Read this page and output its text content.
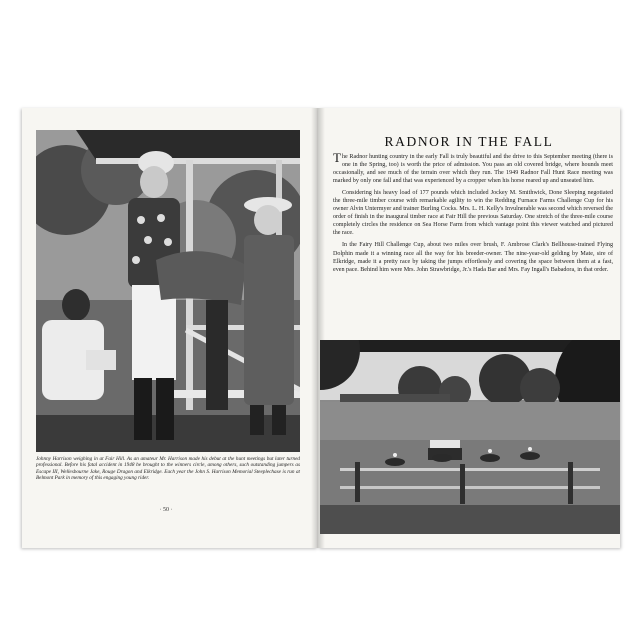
Johnny Harrison weighing in at Fair Hill. As an amateur Mr. Harrison made his debut at the hunt meetings but later turned professional. Before his fatal accident in 1948 he brought to the winners circle, among others, such outstanding jumpers as Escape III, Wellesbourne Jake, Rouge Dragon and Elkridge. Each year the John S. Harrison Memorial Steeplechase is run at Belmont Park in memory of this engaging young rider.

· 50 ·
RADNOR IN THE FALL

The Radnor hunting country in the early Fall is truly beautiful and the drive to this September meeting (there is one in the Spring, too) is worth the price of admission. You pass an old covered bridge, where hounds meet occasionally, and see much of the terrain over which they run. The 1949 Radnor Fall Hunt Race meeting was marked by only one fall and that was experienced by a cropper when his horse reared up and unseated him.

Considering his heavy load of 177 pounds which included Jockey M. Smithwick, Done Sleeping negotiated the three-mile timber course with remarkable agility to win the Redding Furnace Farms Challenge Cup for his owner Alvin Untermyer and trainer Burling Cocks. Mrs. L. H. Kelly's Invulnerable was second which reversed the order of finish in the inaugural timber race at Fair Hill the previous Saturday. One stretch of the three-mile course completely circles the residence on Sea Horse Farm from which vantage point this viewer watched and pictured the race.

In the Fairy Hill Challenge Cup, about two miles over brush, F. Ambrose Clark's Bellhouse-trained Flying Dolphin made it a winning race all the way for his breeder-owner. The nine-year-old gelding by Mate, sire of Elkridge, made it a pretty race by taking the jumps effortlessly and covering the space between them at a fast, even pace. Behind him were Mrs. John Strawbridge, Jr.'s Hada Bar and Mrs. Fay Ingall's Babadora, in that order.
